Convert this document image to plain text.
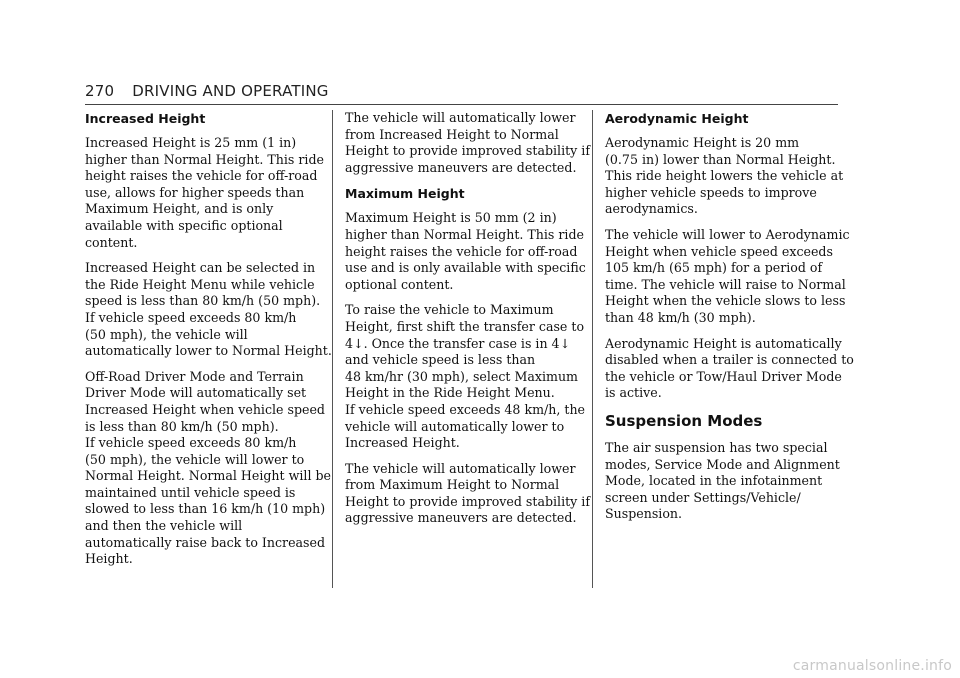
270 DRIVING AND OPERATING
Increased Height

Increased Height is 25 mm (1 in)
higher than Normal Height. This ride
height raises the vehicle for off-road
use, allows for higher speeds than
Maximum Height, and is only
available with specific optional
content.

Increased Height can be selected in
the Ride Height Menu while vehicle
speed is less than 80 km/h (50 mph).
If vehicle speed exceeds 80 km/h
(50 mph), the vehicle will
automatically lower to Normal Height.

Off-Road Driver Mode and Terrain
Driver Mode will automatically set
Increased Height when vehicle speed
is less than 80 km/h (50 mph).
If vehicle speed exceeds 80 km/h
(50 mph), the vehicle will lower to
Normal Height. Normal Height will be
maintained until vehicle speed is
slowed to less than 16 km/h (10 mph)
and then the vehicle will
automatically raise back to Increased
Height.

The vehicle will automatically lower
from Increased Height to Normal
Height to provide improved stability if
aggressive maneuvers are detected.

Maximum Height

Maximum Height is 50 mm (2 in)
higher than Normal Height. This ride
height raises the vehicle for off-road
use and is only available with specific
optional content.

To raise the vehicle to Maximum
Height, first shift the transfer case to
4↓. Once the transfer case is in 4↓
and vehicle speed is less than
48 km/hr (30 mph), select Maximum
Height in the Ride Height Menu.
If vehicle speed exceeds 48 km/h, the
vehicle will automatically lower to
Increased Height.

The vehicle will automatically lower
from Maximum Height to Normal
Height to provide improved stability if
aggressive maneuvers are detected.

Aerodynamic Height

Aerodynamic Height is 20 mm
(0.75 in) lower than Normal Height.
This ride height lowers the vehicle at
higher vehicle speeds to improve
aerodynamics.

The vehicle will lower to Aerodynamic
Height when vehicle speed exceeds
105 km/h (65 mph) for a period of
time. The vehicle will raise to Normal
Height when the vehicle slows to less
than 48 km/h (30 mph).

Aerodynamic Height is automatically
disabled when a trailer is connected to
the vehicle or Tow/Haul Driver Mode
is active.

Suspension Modes

The air suspension has two special
modes, Service Mode and Alignment
Mode, located in the infotainment
screen under Settings/Vehicle/
Suspension.

carmanualsonline.info
